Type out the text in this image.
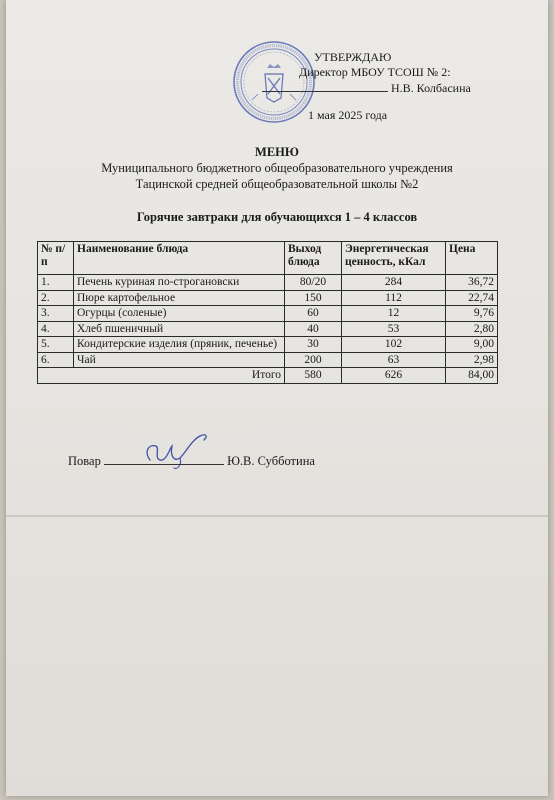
УТВЕРЖДАЮ
Директор МБОУ ТСОШ № 2:
Н.В. Колбасина
1 мая 2025 года
МЕНЮ
Муниципального бюджетного общеобразовательного учреждения
Тацинской средней общеобразовательной школы №2
Горячие завтраки для обучающихся 1 – 4 классов
№ п/п	Наименование блюда	Выход блюда	Энергетическая ценность, кКал	Цена
1.	Печень куриная по-строгановски	80/20	284	36,72
2.	Пюре картофельное	150	112	22,74
3.	Огурцы (соленые)	60	12	9,76
4.	Хлеб пшеничный	40	53	2,80
5.	Кондитерские изделия (пряник, печенье)	30	102	9,00
6.	Чай	200	63	2,98
Итого		580	626	84,00
Повар	Ю.В. Субботина
